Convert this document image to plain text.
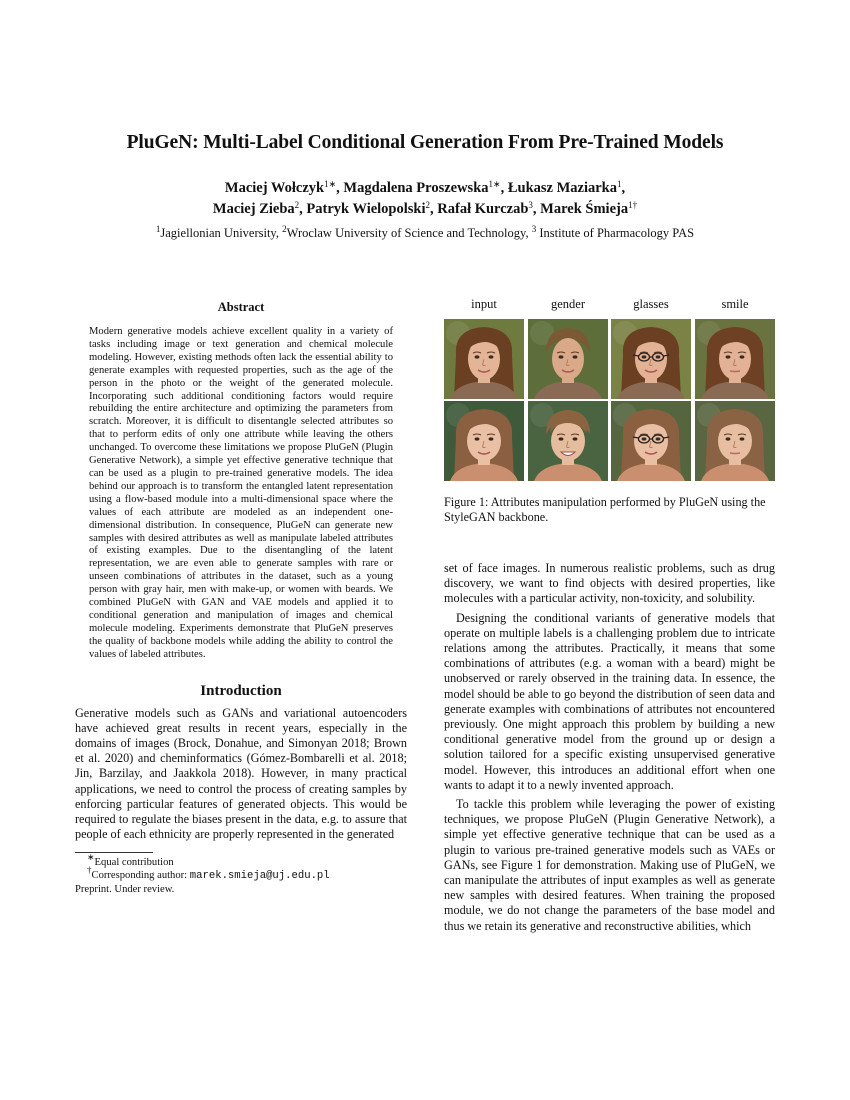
PluGeN: Multi-Label Conditional Generation From Pre-Trained Models
Maciej Wołczyk$^{1∗}$, Magdalena Proszewska$^{1∗}$, Łukasz Maziarka$^1$,
Maciej Zieba$^2$, Patryk Wielopolski$^2$, Rafał Kurczab$^3$, Marek Śmieja$^{1\dagger}$
$^1$Jagiellonian University, $^2$Wroclaw University of Science and Technology, $^3$ Institute of Pharmacology PAS
Abstract

Modern generative models achieve excellent quality in a variety of tasks including image or text generation and chemical molecule modeling. However, existing methods often lack the essential ability to generate examples with requested properties, such as the age of the person in the photo or the weight of the generated molecule. Incorporating such additional conditioning factors would require rebuilding the entire architecture and optimizing the parameters from scratch. Moreover, it is difficult to disentangle selected attributes so that to perform edits of only one attribute while leaving the others unchanged. To overcome these limitations we propose PluGeN (Plugin Generative Network), a simple yet effective generative technique that can be used as a plugin to pre-trained generative models. The idea behind our approach is to transform the entangled latent representation using a flow-based module into a multi-dimensional space where the values of each attribute are modeled as an independent one-dimensional distribution. In consequence, PluGeN can generate new samples with desired attributes as well as manipulate labeled attributes of existing examples. Due to the disentangling of the latent representation, we are even able to generate samples with rare or unseen combinations of attributes in the dataset, such as a young person with gray hair, men with make-up, or women with beards. We combined PluGeN with GAN and VAE models and applied it to conditional generation and manipulation of images and chemical molecule modeling. Experiments demonstrate that PluGeN preserves the quality of backbone models while adding the ability to control the values of labeled attributes.

Introduction

Generative models such as GANs and variational autoencoders have achieved great results in recent years, especially in the domains of images (Brock, Donahue, and Simonyan 2018; Brown et al. 2020) and cheminformatics (Gómez-Bombarelli et al. 2018; Jin, Barzilay, and Jaakkola 2018). However, in many practical applications, we need to control the process of creating samples by enforcing particular features of generated objects. This would be required to regulate the biases present in the data, e.g. to assure that people of each ethnicity are properly represented in the generated

∗Equal contribution

†Corresponding author: marek.smieja@uj.edu.pl

Preprint. Under review.

input	gender	glasses	smile
Figure 1: Attributes manipulation performed by PluGeN using the StyleGAN backbone.

set of face images. In numerous realistic problems, such as drug discovery, we want to find objects with desired properties, like molecules with a particular activity, non-toxicity, and solubility.

Designing the conditional variants of generative models that operate on multiple labels is a challenging problem due to intricate relations among the attributes. Practically, it means that some combinations of attributes (e.g. a woman with a beard) might be unobserved or rarely observed in the training data. In essence, the model should be able to go beyond the distribution of seen data and generate examples with combinations of attributes not encountered previously. One might approach this problem by building a new conditional generative model from the ground up or design a solution tailored for a specific existing unsupervised generative model. However, this introduces an additional effort when one wants to adapt it to a newly invented approach.

To tackle this problem while leveraging the power of existing techniques, we propose PluGeN (Plugin Generative Network), a simple yet effective generative technique that can be used as a plugin to various pre-trained generative models such as VAEs or GANs, see Figure 1 for demonstration. Making use of PluGeN, we can manipulate the attributes of input examples as well as generate new samples with desired features. When training the proposed module, we do not change the parameters of the base model and thus we retain its generative and reconstructive abilities, which
